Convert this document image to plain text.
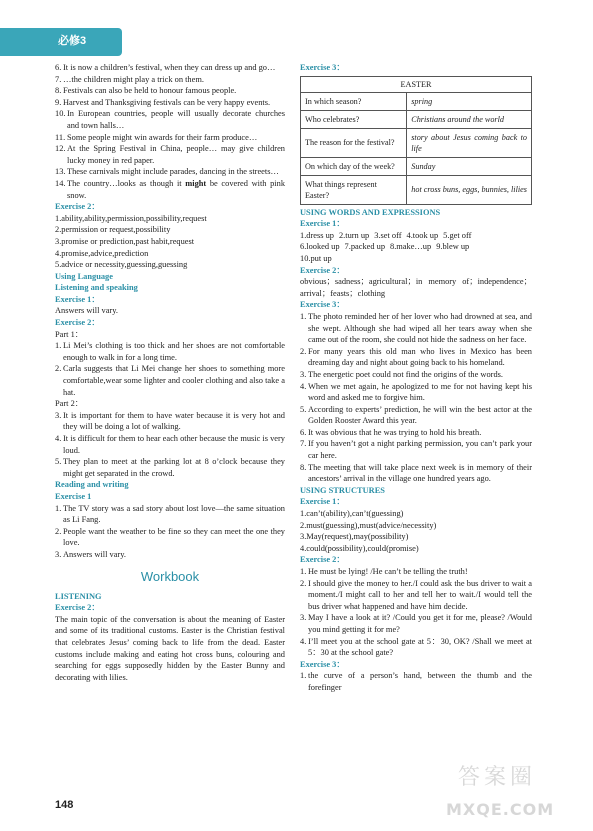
必修3
6. It is now a children’s festival, when they can dress up and go…
7. …the children might play a trick on them.
8. Festivals can also be held to honour famous people.
9. Harvest and Thanksgiving festivals can be very happy events.
10. In European countries, people will usually decorate churches and town halls…
11. Some people might win awards for their farm produce…
12. At the Spring Festival in China, people… may give children lucky money in red paper.
13. These carnivals might include parades, dancing in the streets…
14. The country…looks as though it might be covered with pink snow.
Exercise 2：
1.ability,ability,permission,possibility,request
2.permission or request,possibility
3.promise or prediction,past habit,request
4.promise,advice,prediction
5.advice or necessity,guessing,guessing
Using Language
Listening and speaking
Exercise 1：
Answers will vary.
Exercise 2：
Part 1：
1. Li Mei’s clothing is too thick and her shoes are not comfortable enough to walk in for a long time.
2. Carla suggests that Li Mei change her shoes to something more comfortable,wear some lighter and cooler clothing and also take a hat.
Part 2：
3. It is important for them to have water because it is very hot and they will be doing a lot of walking.
4. It is difficult for them to hear each other because the music is very loud.
5. They plan to meet at the parking lot at 8 o’clock because they might get separated in the crowd.
Reading and writing
Exercise 1
1. The TV story was a sad story about lost love—the same situation as Li Fang.
2. People want the weather to be fine so they can meet the one they love.
3. Answers will vary.
Workbook
LISTENING
Exercise 2：

The main topic of the conversation is about the meaning of Easter and some of its traditional customs. Easter is the Christian festival that celebrates Jesus’ coming back to life from the dead. Easter customs include making and eating hot cross buns, colouring and searching for eggs supposedly hidden by the Easter Bunny and decorating with lilies.

Exercise 3：
EASTER	
In which season?	spring
Who celebrates?	Christians around the world
The reason for the festival?	story about Jesus coming back to life
On which day of the week?	Sunday
What things represent Easter?	hot cross buns, eggs, bunnies, lilies
USING WORDS AND EXPRESSIONS
Exercise 1：
1.dress up 2.turn up 3.set off 4.took up 5.get off
6.looked up 7.packed up 8.make…up 9.blew up
10.put up
Exercise 2：
obvious；sadness；agricultural；in memory of；independence；arrival；feasts；clothing
Exercise 3：
1. The photo reminded her of her lover who had drowned at sea, and she wept. Although she had wiped all her tears away when she came out of the room, she could not hide the sadness on her face.
2. For many years this old man who lives in Mexico has been dreaming day and night about going back to his homeland.
3. The energetic poet could not find the origins of the words.
4. When we met again, he apologized to me for not having kept his word and asked me to forgive him.
5. According to experts’ prediction, he will win the best actor at the Golden Rooster Award this year.
6. It was obvious that he was trying to hold his breath.
7. If you haven’t got a night parking permission, you can’t park your car here.
8. The meeting that will take place next week is in memory of their ancestors’ arrival in the village one hundred years ago.
USING STRUCTURES
Exercise 1：
1.can’t(ability),can’t(guessing)
2.must(guessing),must(advice/necessity)
3.May(request),may(possibility)
4.could(possibility),could(promise)
Exercise 2：
1. He must be lying! /He can’t be telling the truth!
2. I should give the money to her./I could ask the bus driver to wait a moment./I might call to her and tell her to wait./I would tell the bus driver what happened and have him decide.
3. May I have a look at it? /Could you get it for me, please? /Would you mind getting it for me?
4. I’ll meet you at the school gate at 5：30, OK? /Shall we meet at 5：30 at the school gate?
Exercise 3：
1. the curve of a person’s hand, between the thumb and the forefinger
148
答案圈
MXQE.COM
